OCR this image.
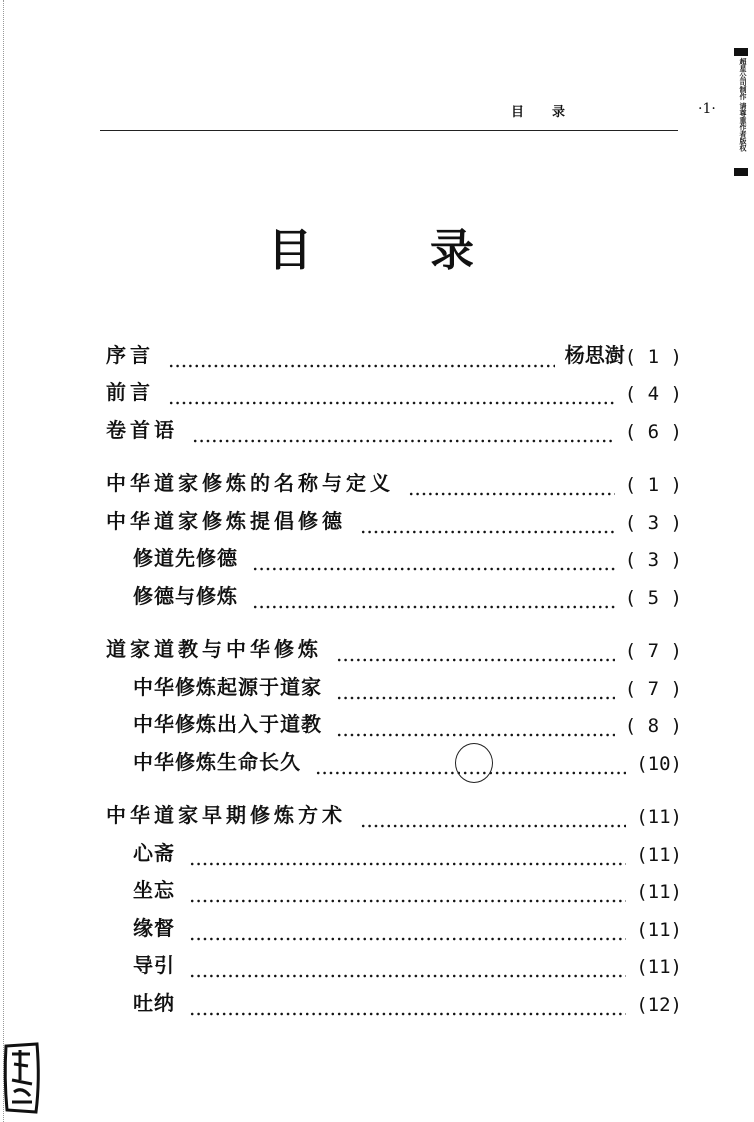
超星公司制作 请尊重作者版权
目录	·1·
目录
序言	杨思澍 ( 1 )
前言	( 4 )
卷首语	( 6 )
中华道家修炼的名称与定义	( 1 )
中华道家修炼提倡修德	( 3 )
修道先修德	( 3 )
修德与修炼	( 5 )
道家道教与中华修炼	( 7 )
中华修炼起源于道家	( 7 )
中华修炼出入于道教	( 8 )
中华修炼生命长久	(10)
中华道家早期修炼方术	(11)
心斋	(11)
坐忘	(11)
缘督	(11)
导引	(11)
吐纳	(12)
